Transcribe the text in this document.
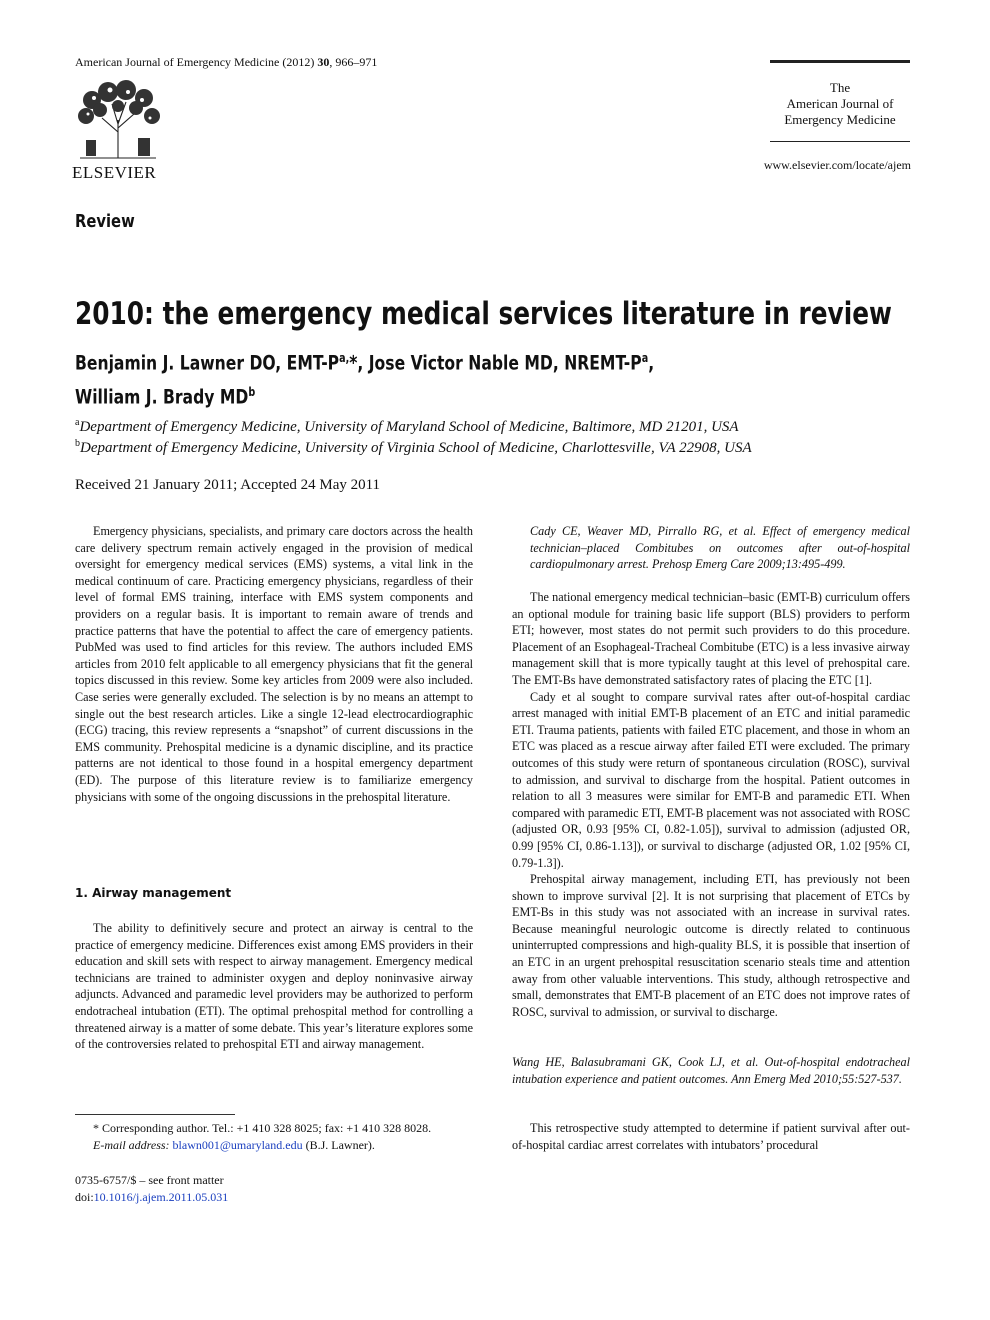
American Journal of Emergency Medicine (2012) 30, 966–971
ELSEVIER
The
American Journal of
Emergency Medicine
www.elsevier.com/locate/ajem
Review
2010: the emergency medical services literature in review
Benjamin J. Lawner DO, EMT-$P^{a,}*$, Jose Victor Nable MD, NREMT-$P^a$,
William J. Brady $MD^b$
$^a$Department of Emergency Medicine, University of Maryland School of Medicine, Baltimore, MD 21201, USA
$^b$Department of Emergency Medicine, University of Virginia School of Medicine, Charlottesville, VA 22908, USA
Received 21 January 2011; Accepted 24 May 2011

Emergency physicians, specialists, and primary care doctors across the health care delivery spectrum remain actively engaged in the provision of medical oversight for emergency medical services (EMS) systems, a vital link in the medical continuum of care. Practicing emergency physicians, regardless of their level of formal EMS training, interface with EMS system components and providers on a regular basis. It is important to remain aware of trends and practice patterns that have the potential to affect the care of emergency patients. PubMed was used to find articles for this review. The authors included EMS articles from 2010 felt applicable to all emergency physicians that fit the general topics discussed in this review. Some key articles from 2009 were also included. Case series were generally excluded. The selection is by no means an attempt to single out the best research articles. Like a single 12-lead electrocardiographic (ECG) tracing, this review represents a “snapshot” of current discussions in the EMS community. Prehospital medicine is a dynamic discipline, and its practice patterns are not identical to those found in a hospital emergency department (ED). The purpose of this literature review is to familiarize emergency physicians with some of the ongoing discussions in the prehospital literature.

1. Airway management

The ability to definitively secure and protect an airway is central to the practice of emergency medicine. Differences exist among EMS providers in their education and skill sets with respect to airway management. Emergency medical technicians are trained to administer oxygen and deploy noninvasive airway adjuncts. Advanced and paramedic level providers may be authorized to perform endotracheal intubation (ETI). The optimal prehospital method for controlling a threatened airway is a matter of some debate. This year’s literature explores some of the controversies related to prehospital ETI and airway management.

* Corresponding author. Tel.: +1 410 328 8025; fax: +1 410 328 8028.
E-mail address: blawn001@umaryland.edu (B.J. Lawner).
0735-6757/$ – see front matter
doi:10.1016/j.ajem.2011.05.031

Cady CE, Weaver MD, Pirrallo RG, et al. Effect of emergency medical technician–placed Combitubes on outcomes after out-of-hospital cardiopulmonary arrest. Prehosp Emerg Care 2009;13:495-499.

The national emergency medical technician–basic (EMT-B) curriculum offers an optional module for training basic life support (BLS) providers to perform ETI; however, most states do not permit such providers to do this procedure. Placement of an Esophageal-Tracheal Combitube (ETC) is a less invasive airway management skill that is more typically taught at this level of prehospital care. The EMT-Bs have demonstrated satisfactory rates of placing the ETC [1].

Cady et al sought to compare survival rates after out-of-hospital cardiac arrest managed with initial EMT-B placement of an ETC and initial paramedic ETI. Trauma patients, patients with failed ETC placement, and those in whom an ETC was placed as a rescue airway after failed ETI were excluded. The primary outcomes of this study were return of spontaneous circulation (ROSC), survival to admission, and survival to discharge from the hospital. Patient outcomes in relation to all 3 measures were similar for EMT-B and paramedic ETI. When compared with paramedic ETI, EMT-B placement was not associated with ROSC (adjusted OR, 0.93 [95% CI, 0.82-1.05]), survival to admission (adjusted OR, 0.99 [95% CI, 0.86-1.13]), or survival to discharge (adjusted OR, 1.02 [95% CI, 0.79-1.3]).

Prehospital airway management, including ETI, has previously not been shown to improve survival [2]. It is not surprising that placement of ETCs by EMT-Bs in this study was not associated with an increase in survival rates. Because meaningful neurologic outcome is directly related to continuous uninterrupted compressions and high-quality BLS, it is possible that insertion of an ETC in an urgent prehospital resuscitation scenario steals time and attention away from other valuable interventions. This study, although retrospective and small, demonstrates that EMT-B placement of an ETC does not improve rates of ROSC, survival to admission, or survival to discharge.

Wang HE, Balasubramani GK, Cook LJ, et al. Out-of-hospital endotracheal intubation experience and patient outcomes. Ann Emerg Med 2010;55:527-537.

This retrospective study attempted to determine if patient survival after out-of-hospital cardiac arrest correlates with intubators’ procedural
